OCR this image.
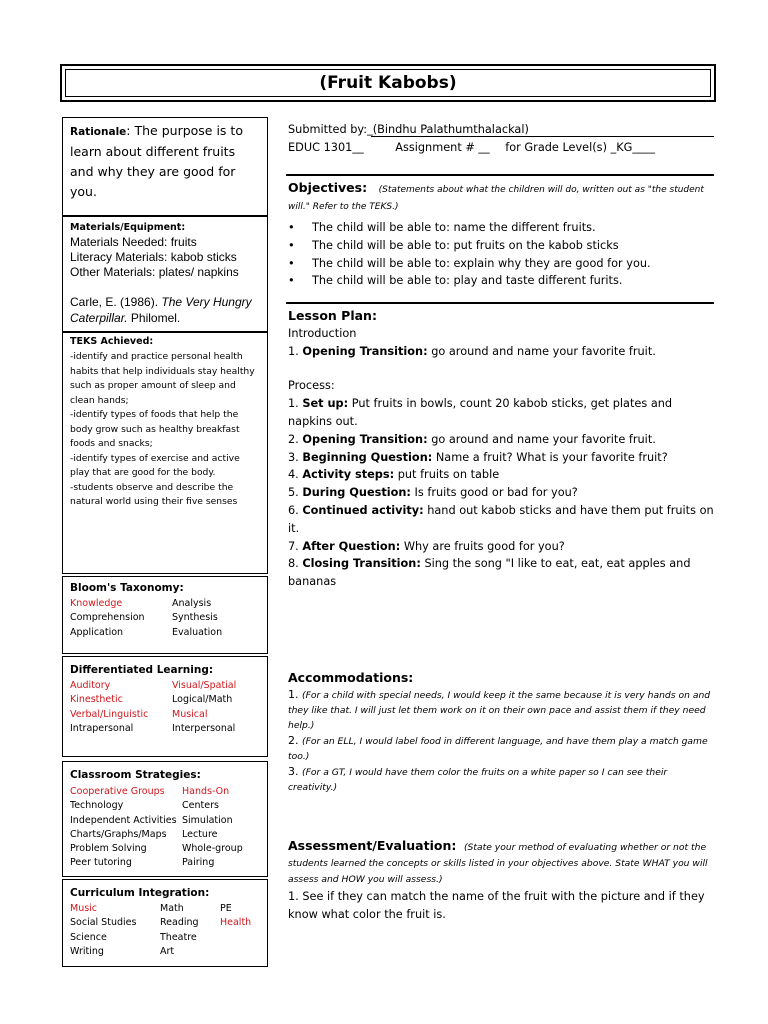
(Fruit Kabobs)
Rationale: The purpose is to learn about different fruits and why they are good for you.
Materials/Equipment:
Materials Needed: fruits
Literacy Materials: kabob sticks
Other Materials: plates/ napkins
Carle, E. (1986). The Very Hungry Caterpillar. Philomel.
TEKS Achieved:
-identify and practice personal health habits that help individuals stay healthy such as proper amount of sleep and clean hands;
-identify types of foods that help the body grow such as healthy breakfast foods and snacks;
-identify types of exercise and active play that are good for the body.
-students observe and describe the natural world using their five senses
Bloom's Taxonomy:
Knowledge	Analysis
Comprehension	Synthesis
Application	Evaluation
Differentiated Learning:
Auditory	Visual/Spatial
Kinesthetic	Logical/Math
Verbal/Linguistic	Musical
Intrapersonal	Interpersonal
Classroom Strategies:
Cooperative Groups	Hands-On
Technology	Centers
Independent Activities Simulation
Charts/Graphs/Maps	Lecture
Problem Solving	Whole-group
Peer tutoring	Pairing
Curriculum Integration:
Music	Math	PE
Social Studies	Reading	Health
Science	Theatre
Writing	Art
Submitted by:_(Bindhu Palathumthalackal)
EDUC 1301__	Assignment # __ for Grade Level(s) _KG____
Objectives: (Statements about what the children will do, written out as "the student will." Refer to the TEKS.)
• The child will be able to: name the different fruits.
• The child will be able to: put fruits on the kabob sticks
• The child will be able to: explain why they are good for you.
• The child will be able to: play and taste different furits.
Lesson Plan:
Introduction
1. Opening Transition: go around and name your favorite fruit.
Process:
1. Set up: Put fruits in bowls, count 20 kabob sticks, get plates and napkins out.
2. Opening Transition: go around and name your favorite fruit.
3. Beginning Question: Name a fruit? What is your favorite fruit?
4. Activity steps: put fruits on table
5. During Question: Is fruits good or bad for you?
6. Continued activity: hand out kabob sticks and have them put fruits on it.
7. After Question: Why are fruits good for you?
8. Closing Transition: Sing the song "I like to eat, eat, eat apples and bananas
Accommodations:
1. (For a child with special needs, I would keep it the same because it is very hands on and they like that. I will just let them work on it on their own pace and assist them if they need help.)
2. (For an ELL, I would label food in different language, and have them play a match game too.)
3. (For a GT, I would have them color the fruits on a white paper so I can see their creativity.)
Assessment/Evaluation: (State your method of evaluating whether or not the students learned the concepts or skills listed in your objectives above. State WHAT you will assess and HOW you will assess.)
1. See if they can match the name of the fruit with the picture and if they know what color the fruit is.
